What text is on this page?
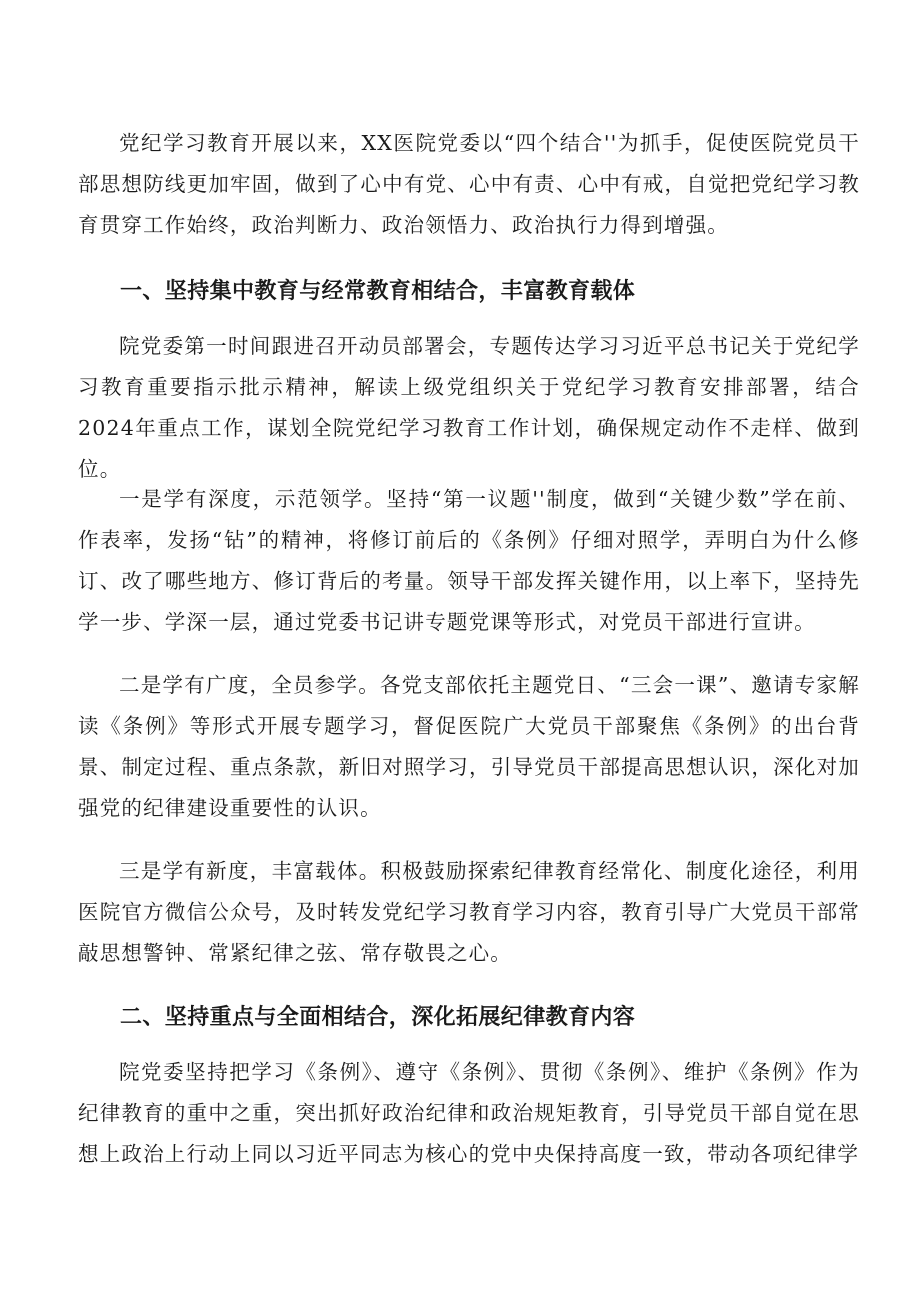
党纪学习教育开展以来，XX医院党委以“四个结合''为抓手，促使医院党员干部思想防线更加牢固，做到了心中有党、心中有责、心中有戒，自觉把党纪学习教育贯穿工作始终，政治判断力、政治领悟力、政治执行力得到增强。

一、坚持集中教育与经常教育相结合，丰富教育载体

院党委第一时间跟进召开动员部署会，专题传达学习习近平总书记关于党纪学习教育重要指示批示精神，解读上级党组织关于党纪学习教育安排部署，结合2024年重点工作，谋划全院党纪学习教育工作计划，确保规定动作不走样、做到位。

一是学有深度，示范领学。坚持“第一议题''制度，做到“关键少数”学在前、作表率，发扬“钻”的精神，将修订前后的《条例》仔细对照学，弄明白为什么修订、改了哪些地方、修订背后的考量。领导干部发挥关键作用，以上率下，坚持先学一步、学深一层，通过党委书记讲专题党课等形式，对党员干部进行宣讲。

二是学有广度，全员参学。各党支部依托主题党日、“三会一课”、邀请专家解读《条例》等形式开展专题学习，督促医院广大党员干部聚焦《条例》的出台背景、制定过程、重点条款，新旧对照学习，引导党员干部提高思想认识，深化对加强党的纪律建设重要性的认识。

三是学有新度，丰富载体。积极鼓励探索纪律教育经常化、制度化途径，利用医院官方微信公众号，及时转发党纪学习教育学习内容，教育引导广大党员干部常敲思想警钟、常紧纪律之弦、常存敬畏之心。

二、坚持重点与全面相结合，深化拓展纪律教育内容

院党委坚持把学习《条例》、遵守《条例》、贯彻《条例》、维护《条例》作为纪律教育的重中之重，突出抓好政治纪律和政治规矩教育，引导党员干部自觉在思想上政治上行动上同以习近平同志为核心的党中央保持高度一致，带动各项纪律学
